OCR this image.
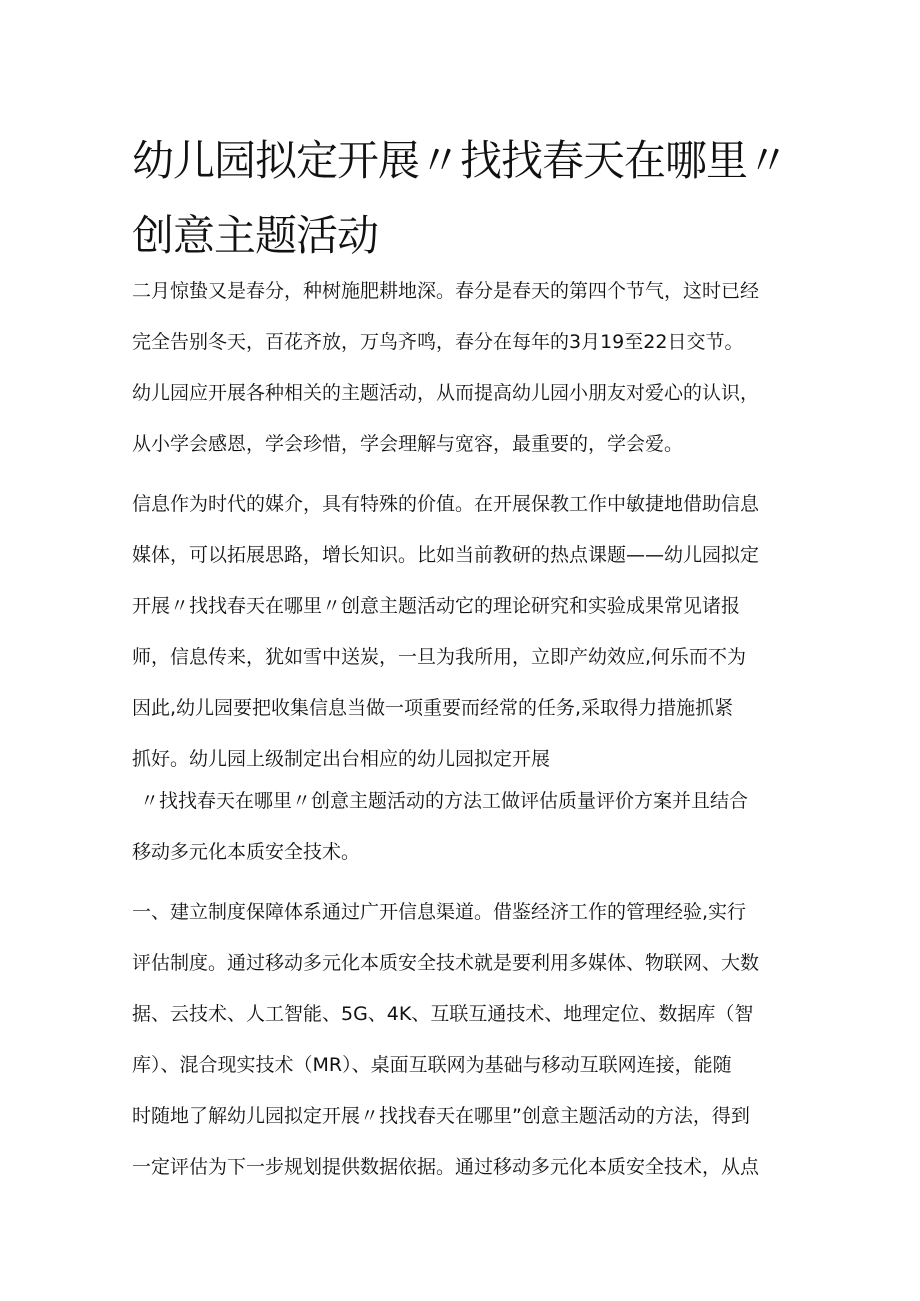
幼儿园拟定开展〃找找春天在哪里〃
创意主题活动
二月惊蛰又是春分，种树施肥耕地深。春分是春天的第四个节气，这时已经
完全告别冬天，百花齐放，万鸟齐鸣，春分在每年的3月19至22日交节。
幼儿园应开展各种相关的主题活动，从而提高幼儿园小朋友对爱心的认识，
从小学会感恩，学会珍惜，学会理解与宽容，最重要的，学会爱。
信息作为时代的媒介，具有特殊的价值。在开展保教工作中敏捷地借助信息
媒体，可以拓展思路，增长知识。比如当前教研的热点课题——幼儿园拟定
开展〃找找春天在哪里〃创意主题活动它的理论研究和实验成果常见诸报
师，信息传来，犹如雪中送炭，一旦为我所用，立即产幼效应,何乐而不为
因此,幼儿园要把收集信息当做一项重要而经常的任务,采取得力措施抓紧
抓好。幼儿园上级制定出台相应的幼儿园拟定开展
〃找找春天在哪里〃创意主题活动的方法工做评估质量评价方案并且结合
移动多元化本质安全技术。
一、建立制度保障体系通过广开信息渠道。借鉴经济工作的管理经验,实行
评估制度。通过移动多元化本质安全技术就是要利用多媒体、物联网、大数
据、云技术、人工智能、5G、4K、互联互通技术、地理定位、数据库（智
库）、混合现实技术（MR）、桌面互联网为基础与移动互联网连接，能随
时随地了解幼儿园拟定开展〃找找春天在哪里”创意主题活动的方法，得到
一定评估为下一步规划提供数据依据。通过移动多元化本质安全技术，从点
